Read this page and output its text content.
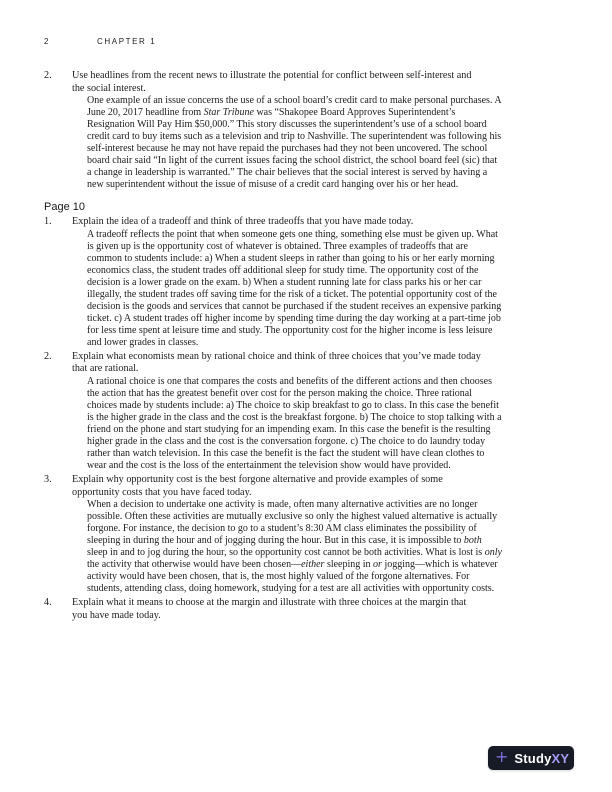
2	CHAPTER 1
2.	Use headlines from the recent news to illustrate the potential for conflict between self-interest and the social interest.
One example of an issue concerns the use of a school board’s credit card to make personal purchases. A June 20, 2017 headline from Star Tribune was “Shakopee Board Approves Superintendent’s Resignation Will Pay Him $50,000.” This story discusses the superintendent’s use of a school board credit card to buy items such as a television and trip to Nashville. The superintendent was following his self-interest because he may not have repaid the purchases had they not been uncovered. The school board chair said “In light of the current issues facing the school district, the school board feel (sic) that a change in leadership is warranted.” The chair believes that the social interest is served by having a new superintendent without the issue of misuse of a credit card hanging over his or her head.
Page 10
1.	Explain the idea of a tradeoff and think of three tradeoffs that you have made today.
A tradeoff reflects the point that when someone gets one thing, something else must be given up. What is given up is the opportunity cost of whatever is obtained. Three examples of tradeoffs that are common to students include: a) When a student sleeps in rather than going to his or her early morning economics class, the student trades off additional sleep for study time. The opportunity cost of the decision is a lower grade on the exam. b) When a student running late for class parks his or her car illegally, the student trades off saving time for the risk of a ticket. The potential opportunity cost of the decision is the goods and services that cannot be purchased if the student receives an expensive parking ticket. c) A student trades off higher income by spending time during the day working at a part-time job for less time spent at leisure time and study. The opportunity cost for the higher income is less leisure and lower grades in classes.
2.	Explain what economists mean by rational choice and think of three choices that you’ve made today that are rational.
A rational choice is one that compares the costs and benefits of the different actions and then chooses the action that has the greatest benefit over cost for the person making the choice. Three rational choices made by students include: a) The choice to skip breakfast to go to class. In this case the benefit is the higher grade in the class and the cost is the breakfast forgone. b) The choice to stop talking with a friend on the phone and start studying for an impending exam. In this case the benefit is the resulting higher grade in the class and the cost is the conversation forgone. c) The choice to do laundry today rather than watch television. In this case the benefit is the fact the student will have clean clothes to wear and the cost is the loss of the entertainment the television show would have provided.
3.	Explain why opportunity cost is the best forgone alternative and provide examples of some opportunity costs that you have faced today.
When a decision to undertake one activity is made, often many alternative activities are no longer possible. Often these activities are mutually exclusive so only the highest valued alternative is actually forgone. For instance, the decision to go to a student’s 8:30 AM class eliminates the possibility of sleeping in during the hour and of jogging during the hour. But in this case, it is impossible to both sleep in and to jog during the hour, so the opportunity cost cannot be both activities. What is lost is only the activity that otherwise would have been chosen—either sleeping in or jogging—which is whatever activity would have been chosen, that is, the most highly valued of the forgone alternatives. For students, attending class, doing homework, studying for a test are all activities with opportunity costs.
4.	Explain what it means to choose at the margin and illustrate with three choices at the margin that you have made today.
+ Study XY
